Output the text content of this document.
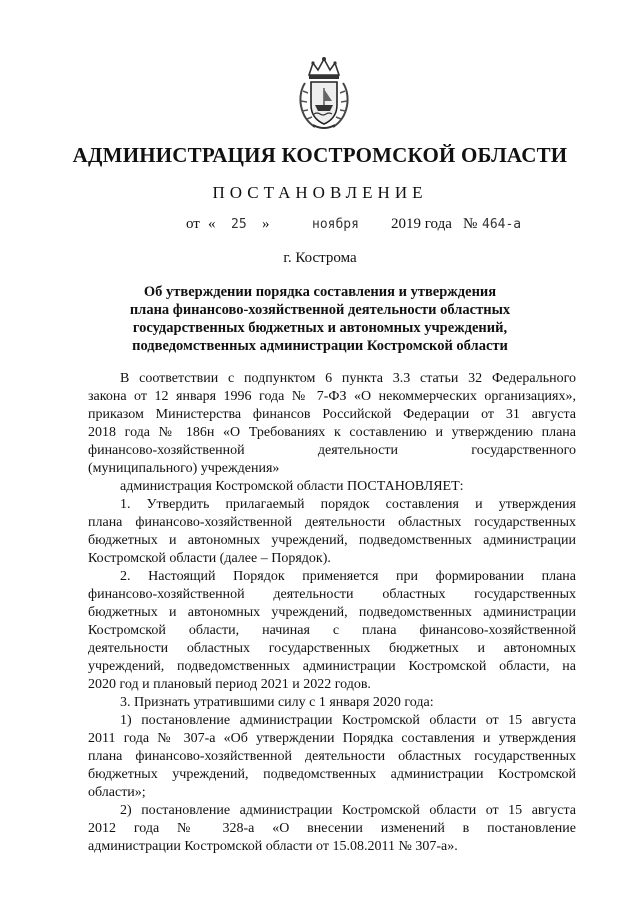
АДМИНИСТРАЦИЯ КОСТРОМСКОЙ ОБЛАСТИ
ПОСТАНОВЛЕНИЕ
от « 25 »	ноября 2019 года № 464-а
г. Кострома
Об утверждении порядка составления и утверждения
плана финансово-хозяйственной деятельности областных
государственных бюджетных и автономных учреждений,
подведомственных администрации Костромской области
В соответствии с подпунктом 6 пункта 3.3 статьи 32 Федерального
закона от 12 января 1996 года № 7-ФЗ «О некоммерческих организациях»,
приказом Министерства финансов Российской Федерации от 31 августа
2018 года № 186н «О Требованиях к составлению и утверждению плана
финансово-хозяйственной деятельности государственного
(муниципального) учреждения»
администрация Костромской области ПОСТАНОВЛЯЕТ:
1. Утвердить прилагаемый порядок составления и утверждения
плана финансово-хозяйственной деятельности областных государственных
бюджетных и автономных учреждений, подведомственных администрации
Костромской области (далее – Порядок).
2. Настоящий Порядок применяется при формировании плана
финансово-хозяйственной деятельности областных государственных
бюджетных и автономных учреждений, подведомственных администрации
Костромской области, начиная с плана финансово-хозяйственной
деятельности областных государственных бюджетных и автономных
учреждений, подведомственных администрации Костромской области, на
2020 год и плановый период 2021 и 2022 годов.
3. Признать утратившими силу с 1 января 2020 года:
1) постановление администрации Костромской области от 15 августа
2011 года № 307-а «Об утверждении Порядка составления и утверждения
плана финансово-хозяйственной деятельности областных государственных
бюджетных учреждений, подведомственных администрации Костромской
области»;
2) постановление администрации Костромской области от 15 августа
2012 года № 328-а «О внесении изменений в постановление
администрации Костромской области от 15.08.2011 № 307-а».
